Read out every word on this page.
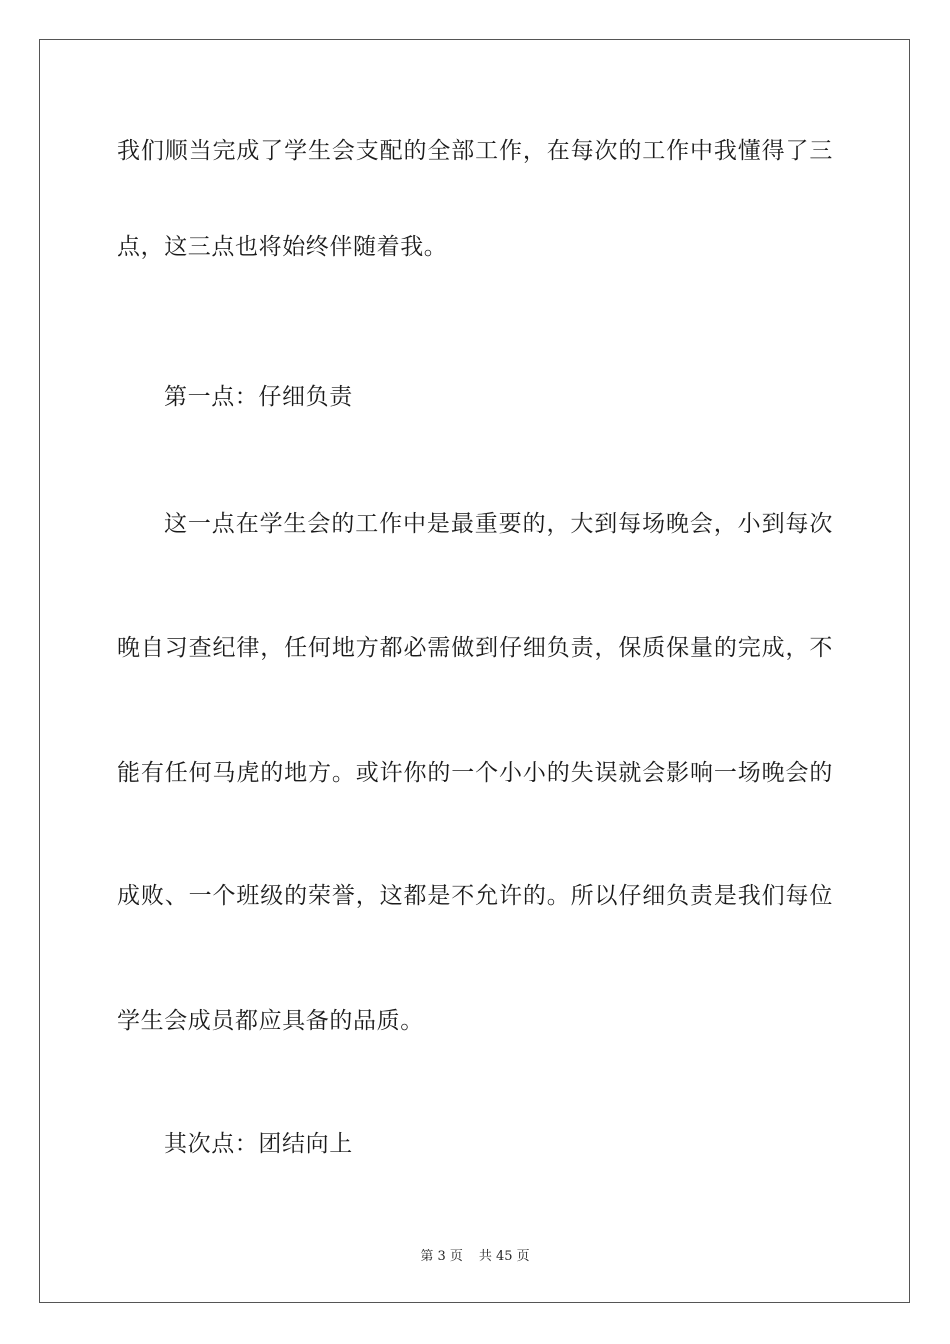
我们顺当完成了学生会支配的全部工作，在每次的工作中我懂得了三
点，这三点也将始终伴随着我。
第一点：仔细负责
这一点在学生会的工作中是最重要的，大到每场晚会，小到每次
晚自习查纪律，任何地方都必需做到仔细负责，保质保量的完成，不
能有任何马虎的地方。或许你的一个小小的失误就会影响一场晚会的
成败、一个班级的荣誉，这都是不允许的。所以仔细负责是我们每位
学生会成员都应具备的品质。
其次点：团结向上
第 3 页 共 45 页
